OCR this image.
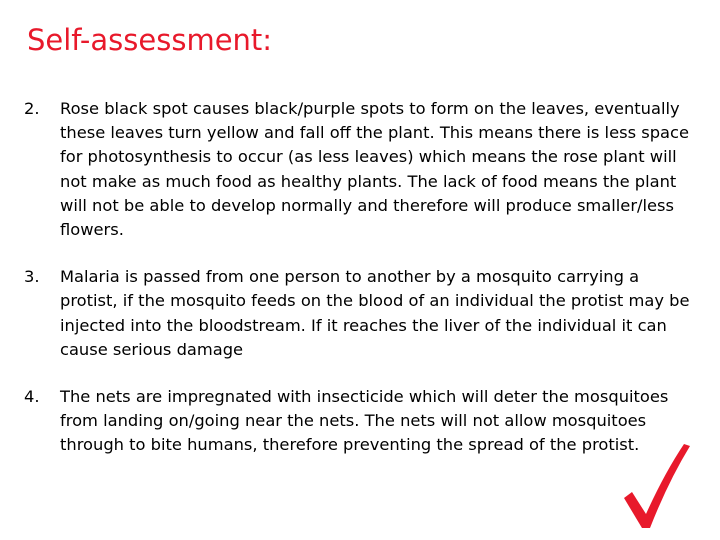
Self-assessment:
2. Rose black spot causes black/purple spots to form on the leaves, eventually these leaves turn yellow and fall off the plant. This means there is less space for photosynthesis to occur (as less leaves) which means the rose plant will not make as much food as healthy plants. The lack of food means the plant will not be able to develop normally and therefore will produce smaller/less flowers.
3. Malaria is passed from one person to another by a mosquito carrying a protist, if the mosquito feeds on the blood of an individual the protist may be injected into the bloodstream. If it reaches the liver of the individual it can cause serious damage
4. The nets are impregnated with insecticide which will deter the mosquitoes from landing on/going near the nets. The nets will not allow mosquitoes through to bite humans, therefore preventing the spread of the protist.
